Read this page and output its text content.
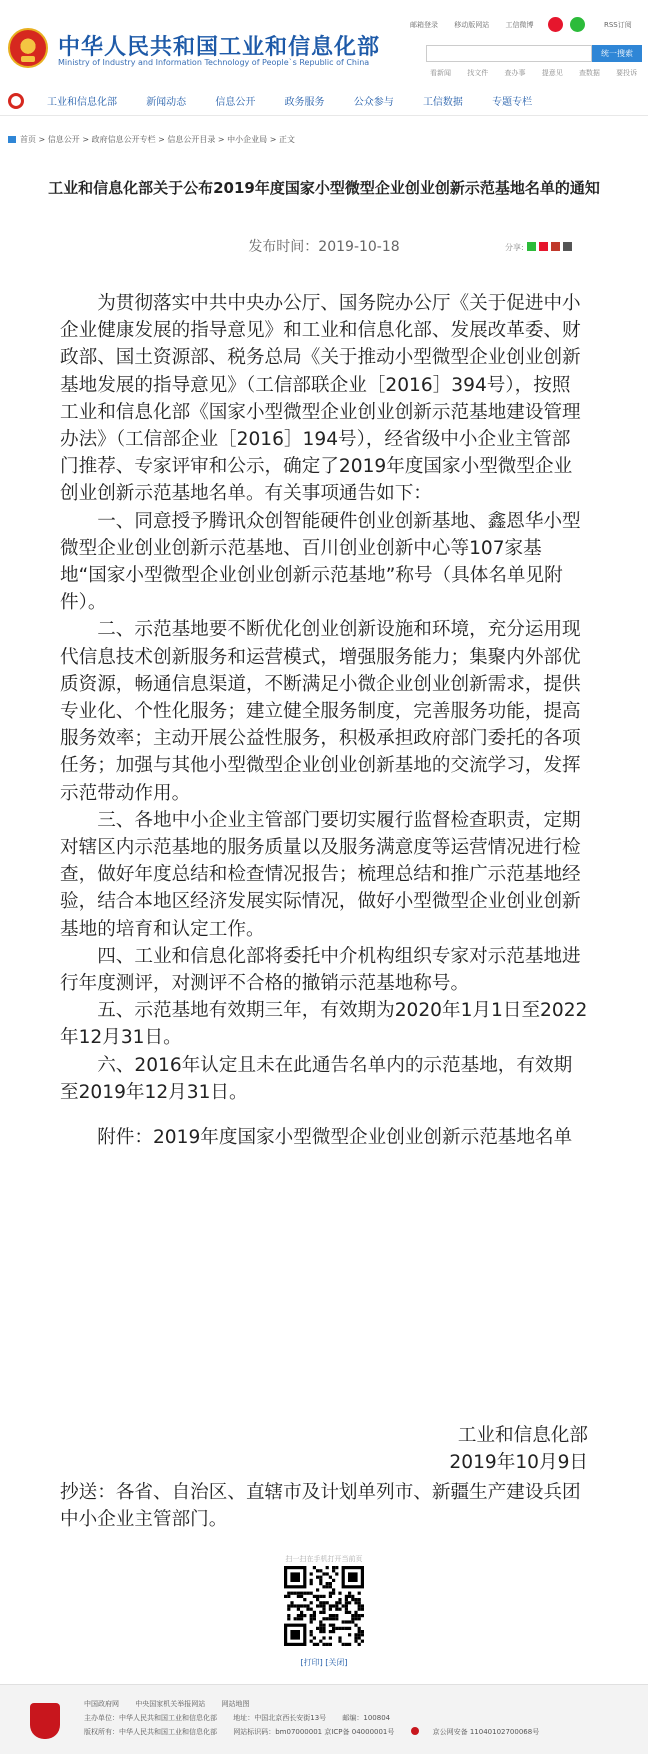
中华人民共和国工业和信息化部
Ministry of Industry and Information Technology of People`s Republic of China
邮箱登录 移动版网站 工信微博	RSS订阅
统一搜索
看新闻 找文件 查办事 提意见 查数据 要投诉
工业和信息化部	新闻动态	信息公开	政务服务	公众参与	工信数据	专题专栏
首页 > 信息公开 > 政府信息公开专栏 > 信息公开目录 > 中小企业局 > 正文
工业和信息化部关于公布2019年度国家小型微型企业创业创新示范基地名单的通知
发布时间：2019-10-18	分享:

为贯彻落实中共中央办公厅、国务院办公厅《关于促进中小企业健康发展的指导意见》和工业和信息化部、发展改革委、财政部、国土资源部、税务总局《关于推动小型微型企业创业创新基地发展的指导意见》（工信部联企业［2016］394号），按照工业和信息化部《国家小型微型企业创业创新示范基地建设管理办法》（工信部企业［2016］194号），经省级中小企业主管部门推荐、专家评审和公示，确定了2019年度国家小型微型企业创业创新示范基地名单。有关事项通告如下：

一、同意授予腾讯众创智能硬件创业创新基地、鑫恩华小型微型企业创业创新示范基地、百川创业创新中心等107家基地“国家小型微型企业创业创新示范基地”称号（具体名单见附件）。

二、示范基地要不断优化创业创新设施和环境，充分运用现代信息技术创新服务和运营模式，增强服务能力；集聚内外部优质资源，畅通信息渠道，不断满足小微企业创业创新需求，提供专业化、个性化服务；建立健全服务制度，完善服务功能，提高服务效率；主动开展公益性服务，积极承担政府部门委托的各项任务；加强与其他小型微型企业创业创新基地的交流学习，发挥示范带动作用。

三、各地中小企业主管部门要切实履行监督检查职责，定期对辖区内示范基地的服务质量以及服务满意度等运营情况进行检查，做好年度总结和检查情况报告；梳理总结和推广示范基地经验，结合本地区经济发展实际情况，做好小型微型企业创业创新基地的培育和认定工作。

四、工业和信息化部将委托中介机构组织专家对示范基地进行年度测评，对测评不合格的撤销示范基地称号。

五、示范基地有效期三年，有效期为2020年1月1日至2022年12月31日。

六、2016年认定且未在此通告名单内的示范基地，有效期至2019年12月31日。

附件：2019年度国家小型微型企业创业创新示范基地名单

工业和信息化部
2019年10月9日
抄送：各省、自治区、直辖市及计划单列市、新疆生产建设兵团中小企业主管部门。
扫一扫在手机打开当前页
[打印] [关闭]
中国政府网 中央国家机关举报网站 网站地图
主办单位：中华人民共和国工业和信息化部 地址：中国北京西长安街13号 邮编：100804
版权所有：中华人民共和国工业和信息化部 网站标识码：bm07000001 京ICP备 04000001号	京公网安备 11040102700068号
